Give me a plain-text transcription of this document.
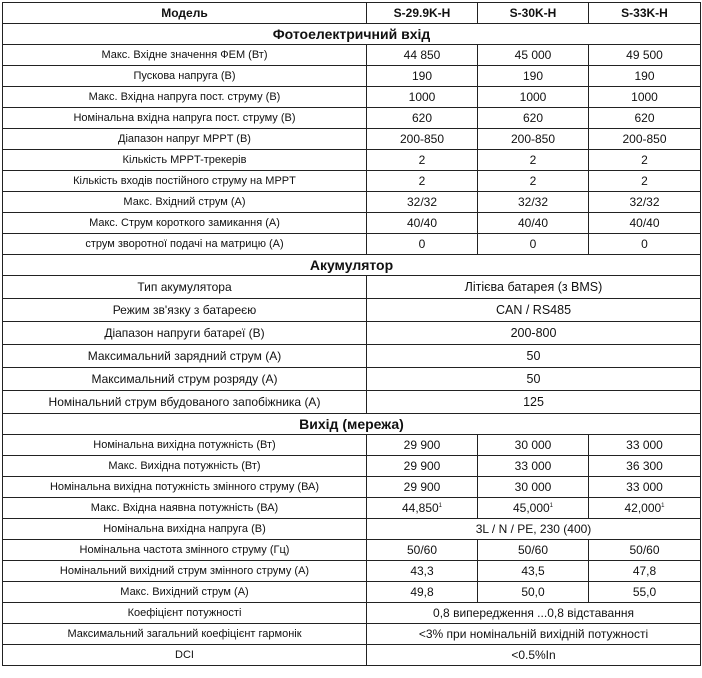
Модель	S-29.9K-H	S-30K-H	S-33K-H
Фотоелектричний вхід			
Макс. Вхідне значення ФЕМ (Вт)	44 850	45 000	49 500
Пускова напруга (В)	190	190	190
Макс. Вхідна напруга пост. струму (В)	1000	1000	1000
Номінальна вхідна напруга пост. струму (В)	620	620	620
Діапазон напруг MPPT (В)	200-850	200-850	200-850
Кількість MPPT-трекерів	2	2	2
Кількість входів постійного струму на MPPT	2	2	2
Макс. Вхідний струм (А)	32/32	32/32	32/32
Макс. Струм короткого замикання (А)	40/40	40/40	40/40
струм зворотної подачі на матрицю (А)	0	0	0
Акумулятор			
Тип акумулятора	Літієва батарея (з BMS)		
Режим зв'язку з батареєю	CAN / RS485		
Діапазон напруги батареї (В)	200-800		
Максимальний зарядний струм (А)	50		
Максимальний струм розряду (А)	50		
Номінальний струм вбудованого запобіжника (А)	125		
Вихід (мережа)			
Номінальна вихідна потужність (Вт)	29 900	30 000	33 000
Макс. Вихідна потужність (Вт)	29 900	33 000	36 300
Номінальна вихідна потужність змінного струму (ВА)	29 900	30 000	33 000
Макс. Вхідна наявна потужність (ВА)	44,850$^1$	45,000$^1$	42,000$^1$
Номінальна вихідна напруга (В)	3L / N / PE, 230 (400)		
Номінальна частота змінного струму (Гц)	50/60	50/60	50/60
Номінальний вихідний струм змінного струму (А)	43,3	43,5	47,8
Макс. Вихідний струм (А)	49,8	50,0	55,0
Коефіцієнт потужності	0,8 випередження ...0,8 відставання		
Максимальний загальний коефіцієнт гармонік	<3% при номінальній вихідній потужності		
DCI	<0.5%In		
